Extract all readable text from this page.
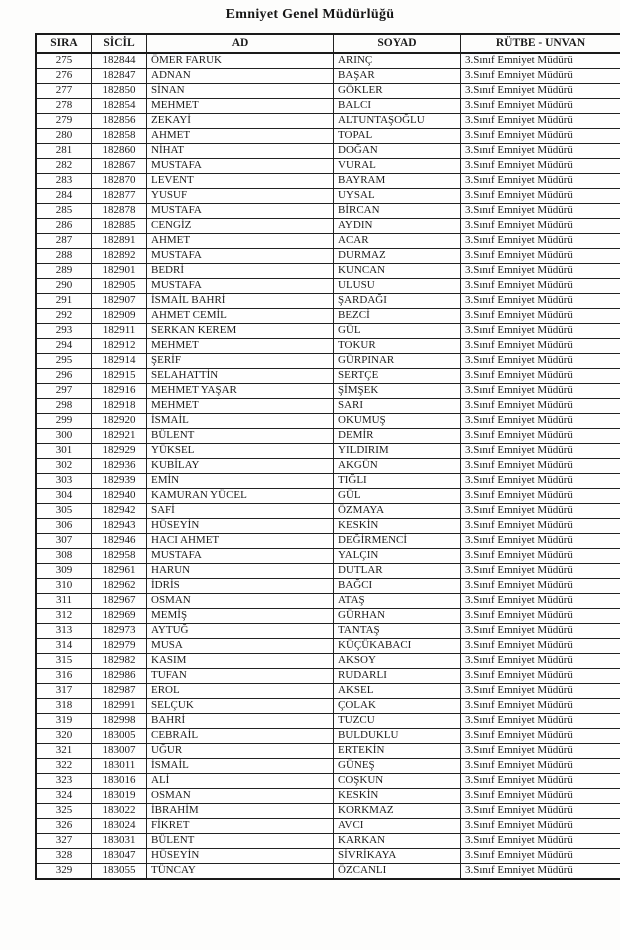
Emniyet Genel Müdürlüğü
SIRA	SİCİL	AD	SOYAD	RÜTBE - UNVAN
275	182844	ÖMER FARUK	ARINÇ	3.Sınıf Emniyet Müdürü
276	182847	ADNAN	BAŞAR	3.Sınıf Emniyet Müdürü
277	182850	SİNAN	GÖKLER	3.Sınıf Emniyet Müdürü
278	182854	MEHMET	BALCI	3.Sınıf Emniyet Müdürü
279	182856	ZEKAYİ	ALTUNTAŞOĞLU	3.Sınıf Emniyet Müdürü
280	182858	AHMET	TOPAL	3.Sınıf Emniyet Müdürü
281	182860	NİHAT	DOĞAN	3.Sınıf Emniyet Müdürü
282	182867	MUSTAFA	VURAL	3.Sınıf Emniyet Müdürü
283	182870	LEVENT	BAYRAM	3.Sınıf Emniyet Müdürü
284	182877	YUSUF	UYSAL	3.Sınıf Emniyet Müdürü
285	182878	MUSTAFA	BİRCAN	3.Sınıf Emniyet Müdürü
286	182885	CENGİZ	AYDIN	3.Sınıf Emniyet Müdürü
287	182891	AHMET	ACAR	3.Sınıf Emniyet Müdürü
288	182892	MUSTAFA	DURMAZ	3.Sınıf Emniyet Müdürü
289	182901	BEDRİ	KUNCAN	3.Sınıf Emniyet Müdürü
290	182905	MUSTAFA	ULUSU	3.Sınıf Emniyet Müdürü
291	182907	İSMAİL BAHRİ	ŞARDAĞI	3.Sınıf Emniyet Müdürü
292	182909	AHMET CEMİL	BEZCİ	3.Sınıf Emniyet Müdürü
293	182911	SERKAN KEREM	GÜL	3.Sınıf Emniyet Müdürü
294	182912	MEHMET	TOKUR	3.Sınıf Emniyet Müdürü
295	182914	ŞERİF	GÜRPINAR	3.Sınıf Emniyet Müdürü
296	182915	SELAHATTİN	SERTÇE	3.Sınıf Emniyet Müdürü
297	182916	MEHMET YAŞAR	ŞİMŞEK	3.Sınıf Emniyet Müdürü
298	182918	MEHMET	SARI	3.Sınıf Emniyet Müdürü
299	182920	İSMAİL	OKUMUŞ	3.Sınıf Emniyet Müdürü
300	182921	BÜLENT	DEMİR	3.Sınıf Emniyet Müdürü
301	182929	YÜKSEL	YILDIRIM	3.Sınıf Emniyet Müdürü
302	182936	KUBİLAY	AKGÜN	3.Sınıf Emniyet Müdürü
303	182939	EMİN	TIĞLI	3.Sınıf Emniyet Müdürü
304	182940	KAMURAN YÜCEL	GÜL	3.Sınıf Emniyet Müdürü
305	182942	SAFİ	ÖZMAYA	3.Sınıf Emniyet Müdürü
306	182943	HÜSEYİN	KESKİN	3.Sınıf Emniyet Müdürü
307	182946	HACI AHMET	DEĞİRMENCİ	3.Sınıf Emniyet Müdürü
308	182958	MUSTAFA	YALÇIN	3.Sınıf Emniyet Müdürü
309	182961	HARUN	DUTLAR	3.Sınıf Emniyet Müdürü
310	182962	İDRİS	BAĞCI	3.Sınıf Emniyet Müdürü
311	182967	OSMAN	ATAŞ	3.Sınıf Emniyet Müdürü
312	182969	MEMİŞ	GÜRHAN	3.Sınıf Emniyet Müdürü
313	182973	AYTUĞ	TANTAŞ	3.Sınıf Emniyet Müdürü
314	182979	MUSA	KÜÇÜKABACI	3.Sınıf Emniyet Müdürü
315	182982	KASIM	AKSOY	3.Sınıf Emniyet Müdürü
316	182986	TUFAN	RUDARLI	3.Sınıf Emniyet Müdürü
317	182987	EROL	AKSEL	3.Sınıf Emniyet Müdürü
318	182991	SELÇUK	ÇOLAK	3.Sınıf Emniyet Müdürü
319	182998	BAHRİ	TUZCU	3.Sınıf Emniyet Müdürü
320	183005	CEBRAİL	BULDUKLU	3.Sınıf Emniyet Müdürü
321	183007	UĞUR	ERTEKİN	3.Sınıf Emniyet Müdürü
322	183011	İSMAİL	GÜNEŞ	3.Sınıf Emniyet Müdürü
323	183016	ALİ	COŞKUN	3.Sınıf Emniyet Müdürü
324	183019	OSMAN	KESKİN	3.Sınıf Emniyet Müdürü
325	183022	İBRAHİM	KORKMAZ	3.Sınıf Emniyet Müdürü
326	183024	FİKRET	AVCI	3.Sınıf Emniyet Müdürü
327	183031	BÜLENT	KARKAN	3.Sınıf Emniyet Müdürü
328	183047	HÜSEYİN	SİVRİKAYA	3.Sınıf Emniyet Müdürü
329	183055	TÜNCAY	ÖZCANLI	3.Sınıf Emniyet Müdürü
